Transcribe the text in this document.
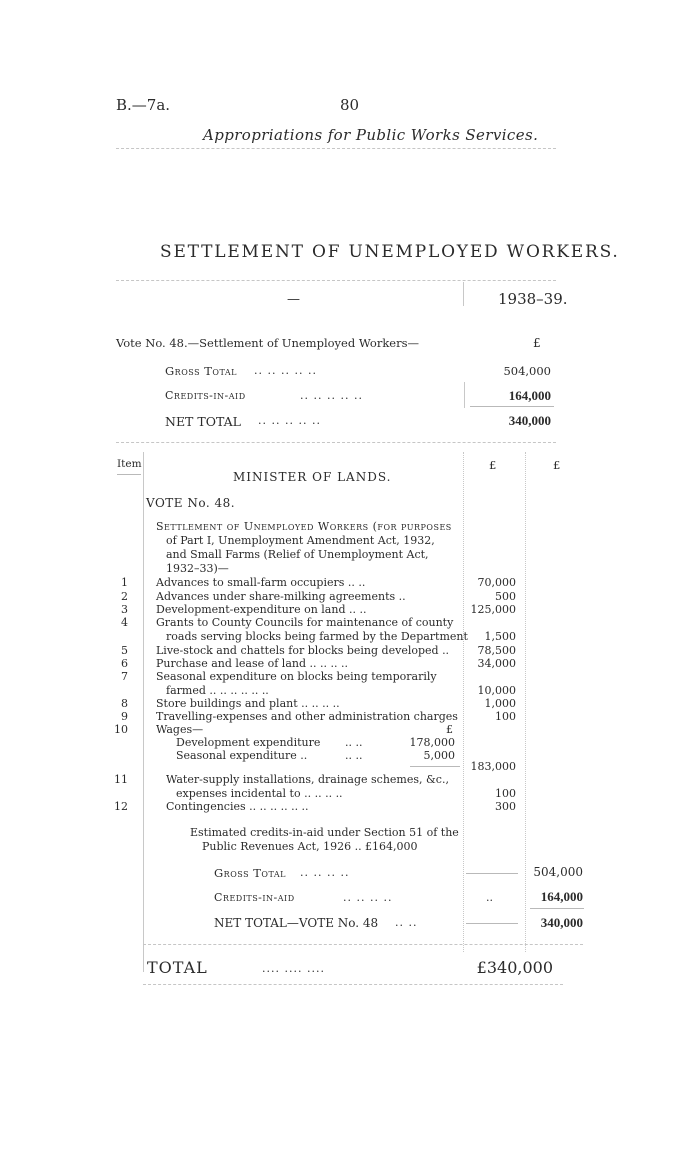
B.—7a.	80
Appropriations for Public Works Services.
SETTLEMENT OF UNEMPLOYED WORKERS.
—	1938–39.
Vote No. 48.—Settlement of Unemployed Workers—	£
Gross Total .. .. .. .. ..	504,000
Credits-in-aid	.. .. .. .. ..	164,000
NET TOTAL .. .. .. .. ..	340,000
Item	£	£
MINISTER OF LANDS.
VOTE No. 48.
Settlement of Unemployed Workers (for purposes
of Part I, Unemployment Amendment Act, 1932,
and Small Farms (Relief of Unemployment Act,
1932–33)—
1	Advances to small-farm occupiers .. ..	70,000
2	Advances under share-milking agreements ..	500
3	Development-expenditure on land .. ..	125,000
4	Grants to County Councils for maintenance of county
roads serving blocks being farmed by the Department	1,500
5	Live-stock and chattels for blocks being developed ..	78,500
6	Purchase and lease of land .. .. .. ..	34,000
7	Seasonal expenditure on blocks being temporarily
farmed .. .. .. .. .. ..	10,000
8	Store buildings and plant .. .. .. ..	1,000
9	Travelling-expenses and other administration charges	100
10	Wages—	£
Development expenditure .. ..	178,000
Seasonal expenditure ..	.. ..	5,000
183,000
11	Water-supply installations, drainage schemes, &c.,
expenses incidental to .. .. .. ..	100
12	Contingencies .. .. .. .. .. ..	300
Estimated credits-in-aid under Section 51 of the
Public Revenues Act, 1926 .. £164,000
Gross Total .. .. .. ..	504,000
Credits-in-aid	.. .. .. ..	..	164,000
NET TOTAL—VOTE No. 48 .. ..	340,000
TOTAL	.... .... ....	£340,000
